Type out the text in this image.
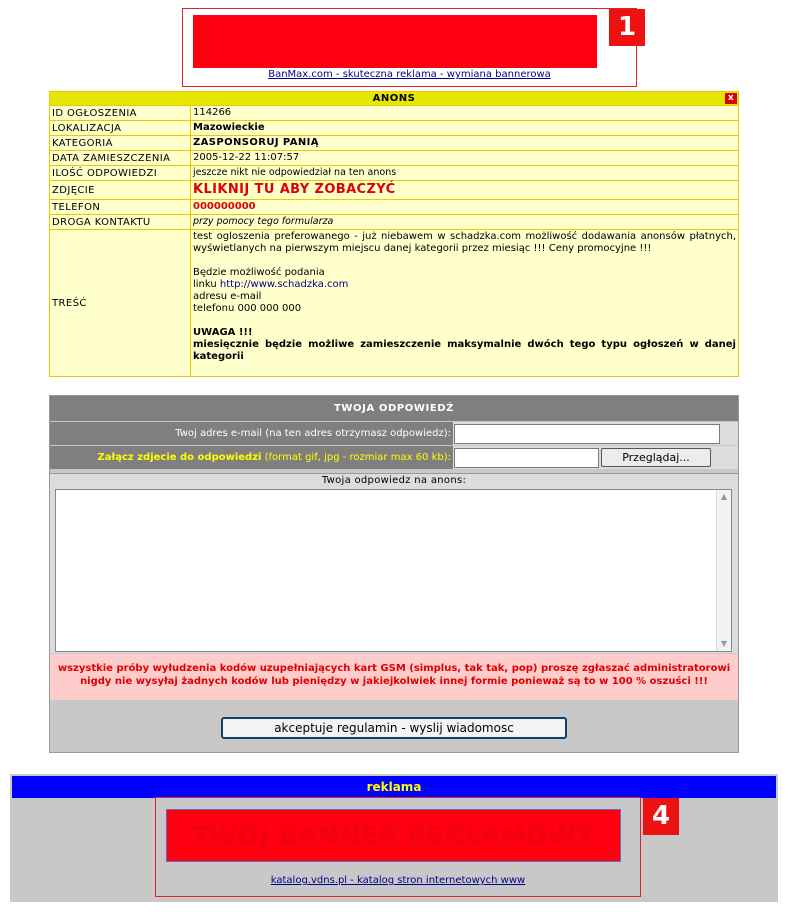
1
BanMax.com - skuteczna reklama - wymiana bannerowa
ANONS	x
ID OGŁOSZENIA	114266
LOKALIZACJA	Mazowieckie
KATEGORIA	ZASPONSORUJ PANIĄ
DATA ZAMIESZCZENIA	2005-12-22 11:07:57
ILOŚĆ ODPOWIEDZI	jeszcze nikt nie odpowiedział na ten anons
ZDJĘCIE	KLIKNIJ TU ABY ZOBACZYĆ
TELEFON	000000000
DROGA KONTAKTU	przy pomocy tego formularza
TREŚĆ

test ogloszenia preferowanego - już niebawem w schadzka.com możliwość dodawania anonsów płatnych, wyświetlanych na pierwszym miejscu danej kategorii przez miesiąc !!! Ceny promocyjne !!!

Będzie możliwość podania

linku http://www.schadzka.com

adresu e-mail

telefonu 000 000 000

UWAGA !!!

miesięcznie będzie możliwe zamieszczenie maksymalnie dwóch tego typu ogłoszeń w danej kategorii

TWOJA ODPOWIEDŹ
Twoj adres e-mail (na ten adres otrzymasz odpowiedz):
Załącz zdjecie do odpowiedzi (format gif, jpg - rozmiar max 60 kb):	Przeglądaj...
Twoja odpowiedz na anons:
▲
▼
wszystkie próby wyłudzenia kodów uzupełniających kart GSM (simplus, tak tak, pop) proszę zgłaszać administratorowi
nigdy nie wysyłaj żadnych kodów lub pieniędzy w jakiejkolwiek innej formie ponieważ są to w 100 % oszuści !!!
akceptuje regulamin - wyslij wiadomosc
reklama
TWÓJ BANNER REKLAMOWY
4
katalog.vdns.pl - katalog stron internetowych www
